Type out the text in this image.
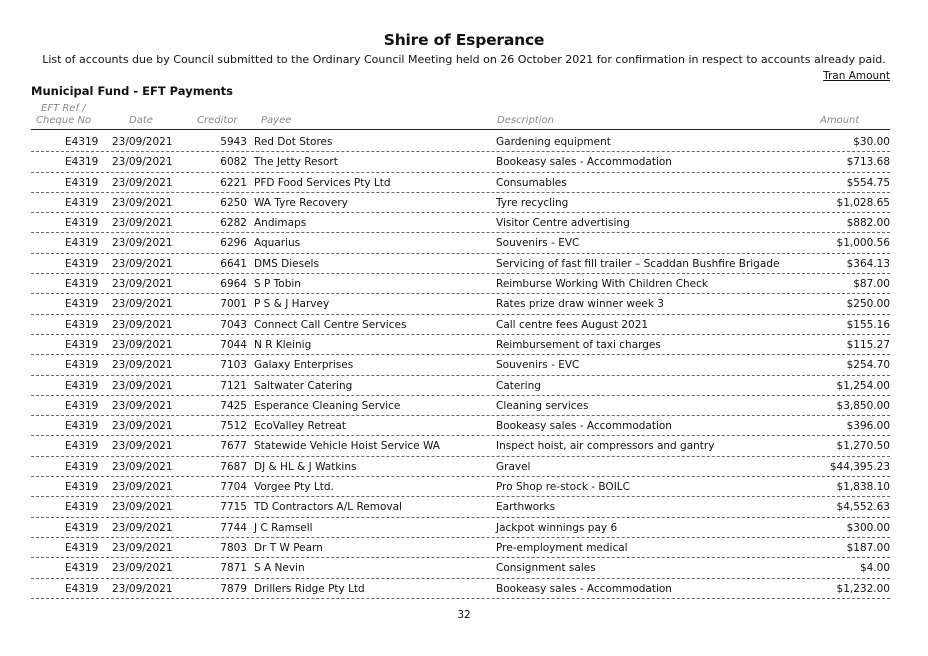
Shire of Esperance
List of accounts due by Council submitted to the Ordinary Council Meeting held on 26 October 2021 for confirmation in respect to accounts already paid.
Tran Amount
Municipal Fund - EFT Payments
EFT Ref /
Cheque No	Date	Creditor Payee	Description	Amount
E4319 23/09/2021	5943 Red Dot Stores	Gardening equipment	$30.00
E4319 23/09/2021	6082 The Jetty Resort	Bookeasy sales - Accommodation	$713.68
E4319 23/09/2021	6221 PFD Food Services Pty Ltd	Consumables	$554.75
E4319 23/09/2021	6250 WA Tyre Recovery	Tyre recycling	$1,028.65
E4319 23/09/2021	6282 Andimaps	Visitor Centre advertising	$882.00
E4319 23/09/2021	6296 Aquarius	Souvenirs - EVC	$1,000.56
E4319 23/09/2021	6641 DMS Diesels	Servicing of fast fill trailer – Scaddan Bushfire Brigade	$364.13
E4319 23/09/2021	6964 S P Tobin	Reimburse Working With Children Check	$87.00
E4319 23/09/2021	7001 P S & J Harvey	Rates prize draw winner week 3	$250.00
E4319 23/09/2021	7043 Connect Call Centre Services	Call centre fees August 2021	$155.16
E4319 23/09/2021	7044 N R Kleinig	Reimbursement of taxi charges	$115.27
E4319 23/09/2021	7103 Galaxy Enterprises	Souvenirs - EVC	$254.70
E4319 23/09/2021	7121 Saltwater Catering	Catering	$1,254.00
E4319 23/09/2021	7425 Esperance Cleaning Service	Cleaning services	$3,850.00
E4319 23/09/2021	7512 EcoValley Retreat	Bookeasy sales - Accommodation	$396.00
E4319 23/09/2021	7677 Statewide Vehicle Hoist Service WA	Inspect hoist, air compressors and gantry	$1,270.50
E4319 23/09/2021	7687 DJ & HL & J Watkins	Gravel	$44,395.23
E4319 23/09/2021	7704 Vorgee Pty Ltd.	Pro Shop re-stock - BOILC	$1,838.10
E4319 23/09/2021	7715 TD Contractors A/L Removal	Earthworks	$4,552.63
E4319 23/09/2021	7744 J C Ramsell	Jackpot winnings pay 6	$300.00
E4319 23/09/2021	7803 Dr T W Pearn	Pre-employment medical	$187.00
E4319 23/09/2021	7871 S A Nevin	Consignment sales	$4.00
E4319 23/09/2021	7879 Drillers Ridge Pty Ltd	Bookeasy sales - Accommodation	$1,232.00
32
